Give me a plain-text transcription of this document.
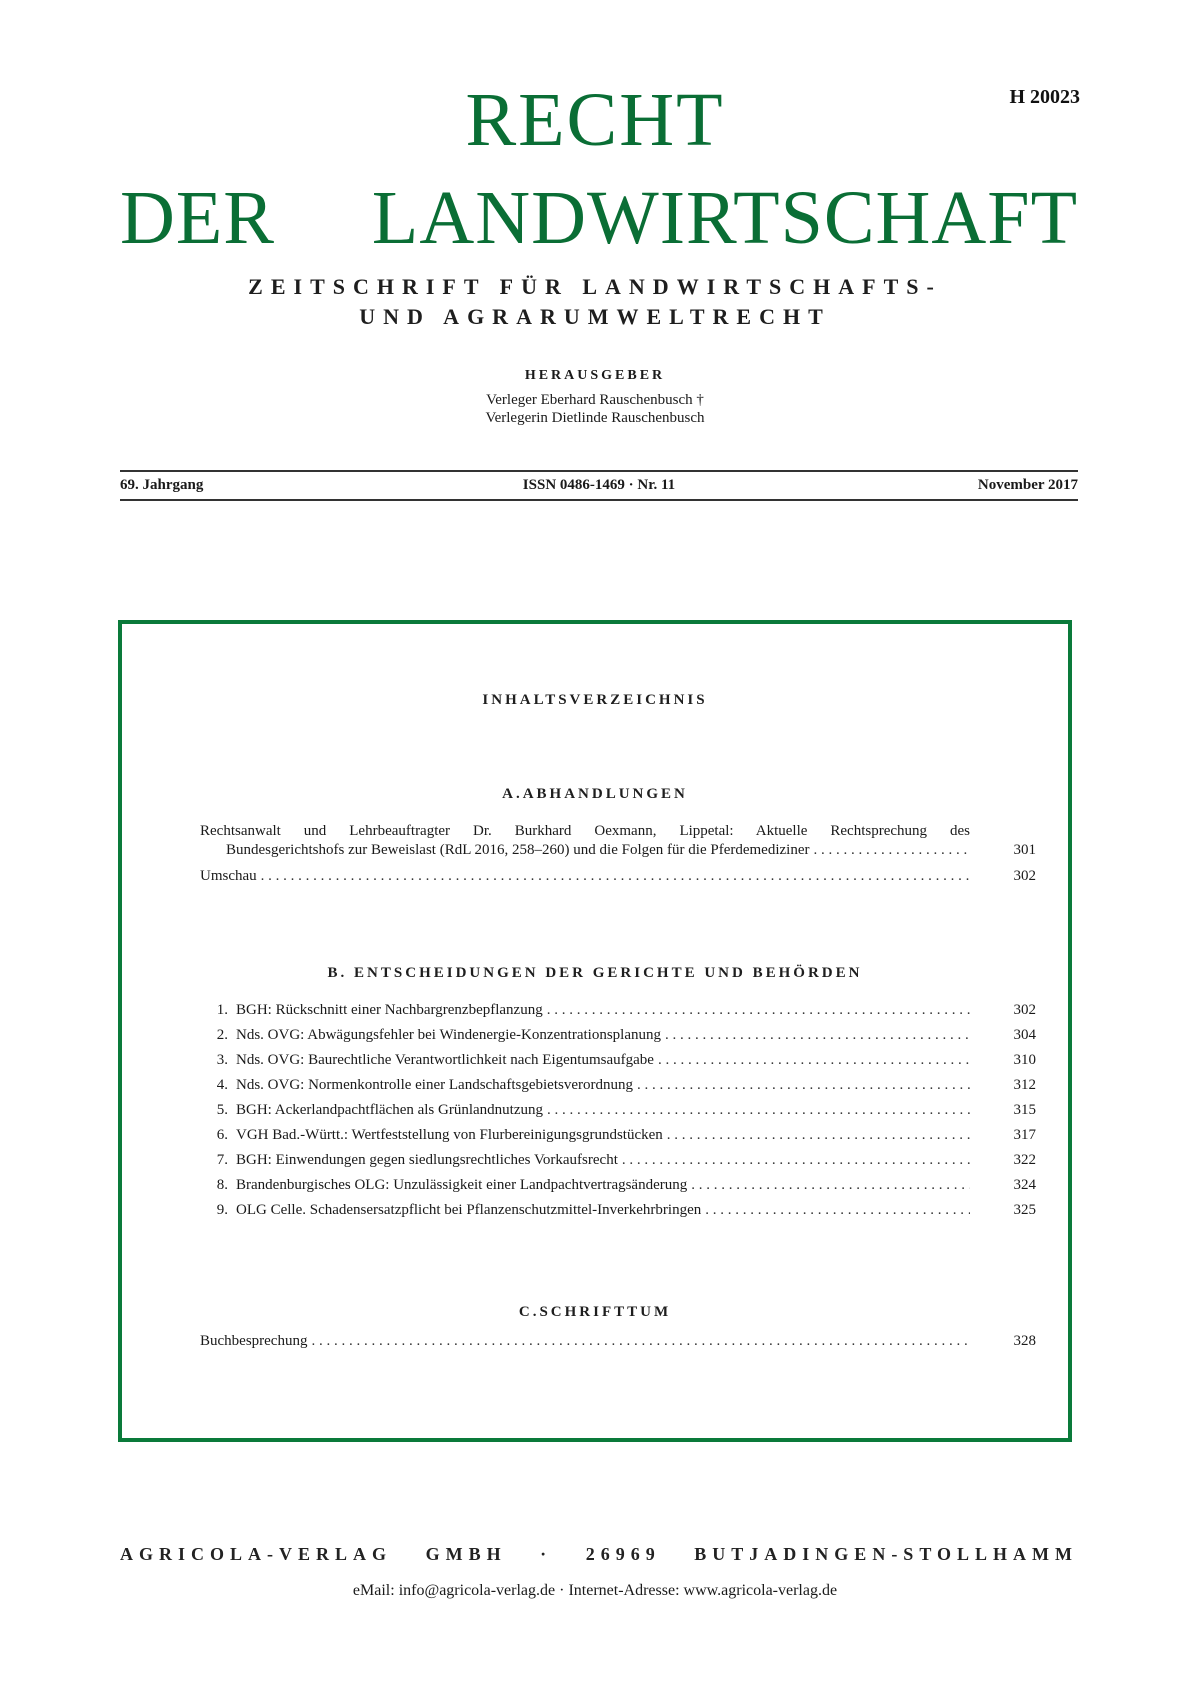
H 20023
RECHT
DER LANDWIRTSCHAFT
ZEITSCHRIFT FÜR LANDWIRTSCHAFTS-
UND AGRARUMWELTRECHT
HERAUSGEBER
Verleger Eberhard Rauschenbusch †
Verlegerin Dietlinde Rauschenbusch
69. Jahrgang	ISSN 0486-1469 · Nr. 11	November 2017
INHALTSVERZEICHNIS
A.ABHANDLUNGEN
Rechtsanwalt und Lehrbeauftragter Dr. Burkhard Oexmann, Lippetal: Aktuelle Rechtsprechung des
Bundesgerichtshofs zur Beweislast (RdL 2016, 258–260) und die Folgen für die Pferdemediziner . . .	301
Umschau . . .	302
B. ENTSCHEIDUNGEN DER GERICHTE UND BEHÖRDEN
1. BGH: Rückschnitt einer Nachbargrenzbepflanzung . . .	302
2. Nds. OVG: Abwägungsfehler bei Windenergie-Konzentrationsplanung . . .	304
3. Nds. OVG: Baurechtliche Verantwortlichkeit nach Eigentumsaufgabe . . .	310
4. Nds. OVG: Normenkontrolle einer Landschaftsgebietsverordnung . . .	312
5. BGH: Ackerlandpachtflächen als Grünlandnutzung . . .	315
6. VGH Bad.-Württ.: Wertfeststellung von Flurbereinigungsgrundstücken . . .	317
7. BGH: Einwendungen gegen siedlungsrechtliches Vorkaufsrecht . . .	322
8. Brandenburgisches OLG: Unzulässigkeit einer Landpachtvertragsänderung . . .	324
9. OLG Celle. Schadensersatzpflicht bei Pflanzenschutzmittel-Inverkehrbringen . . .	325
C.SCHRIFTTUM
Buchbesprechung . . .	328
AGRICOLA-VERLAG GMBH · 26969 BUTJADINGEN-STOLLHAMM
eMail: info@agricola-verlag.de · Internet-Adresse: www.agricola-verlag.de
